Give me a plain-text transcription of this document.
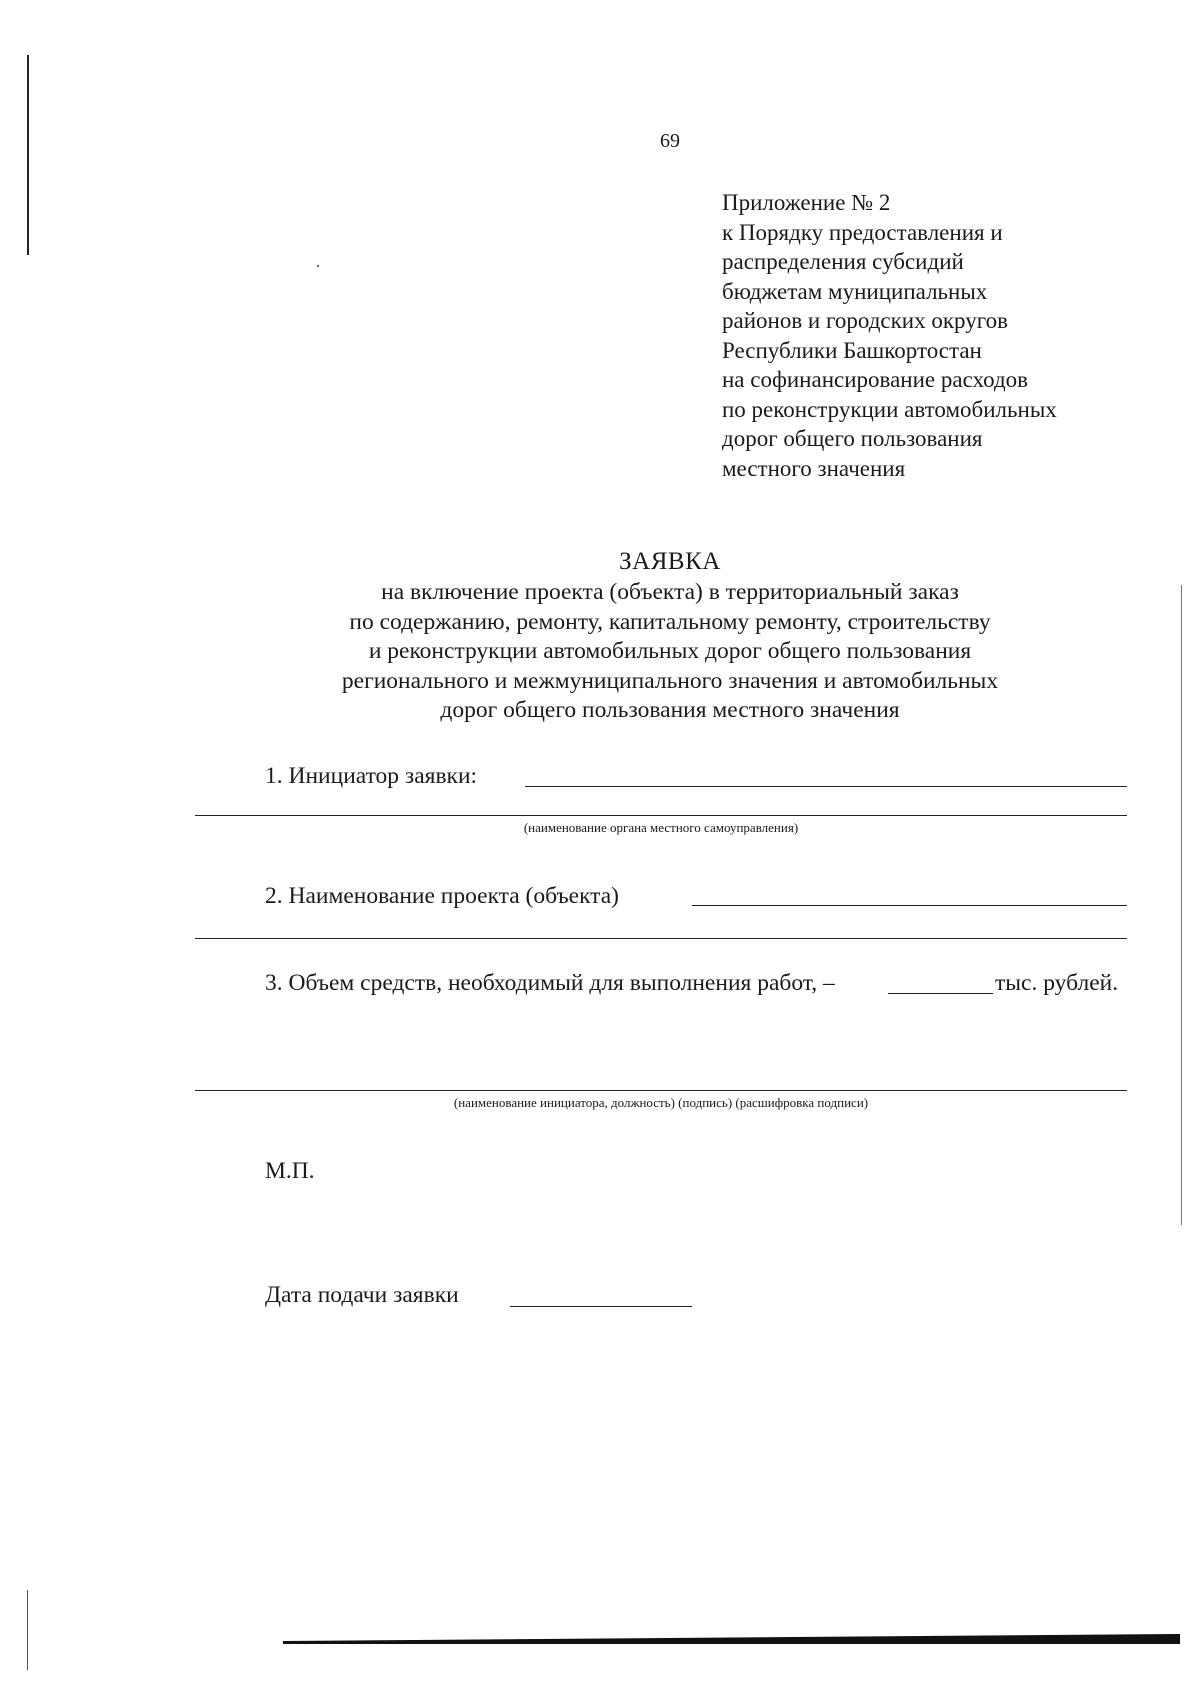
69
Приложение № 2
к Порядку предоставления и
распределения субсидий
бюджетам муниципальных
районов и городских округов
Республики Башкортостан
на софинансирование расходов
по реконструкции автомобильных
дорог общего пользования
местного значения
ЗАЯВКА
на включение проекта (объекта) в территориальный заказ
по содержанию, ремонту, капитальному ремонту, строительству
и реконструкции автомобильных дорог общего пользования
регионального и межмуниципального значения и автомобильных
дорог общего пользования местного значения
1. Инициатор заявки:
(наименование органа местного самоуправления)
2. Наименование проекта (объекта)
3. Объем средств, необходимый для выполнения работ, –	тыс. рублей.
(наименование инициатора, должность) (подпись) (расшифровка подписи)
М.П.
Дата подачи заявки
